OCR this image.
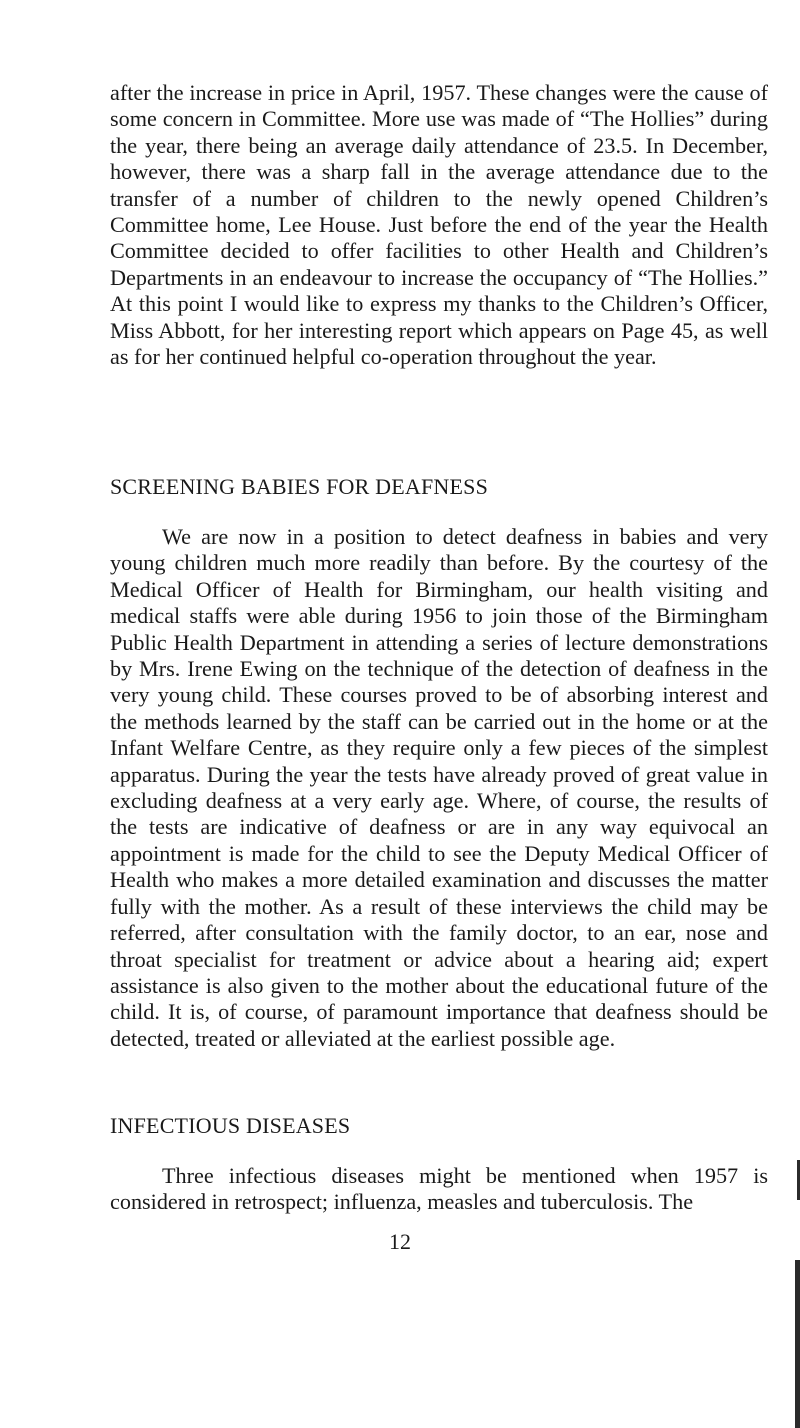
after the increase in price in April, 1957. These changes were the cause of some concern in Committee. More use was made of “The Hollies” during the year, there being an average daily attendance of 23.5. In December, however, there was a sharp fall in the average attendance due to the transfer of a number of children to the newly opened Children’s Committee home, Lee House. Just before the end of the year the Health Committee decided to offer facilities to other Health and Children’s Departments in an endeavour to increase the occupancy of “The Hollies.” At this point I would like to express my thanks to the Children’s Officer, Miss Abbott, for her interesting report which appears on Page 45, as well as for her continued helpful co-operation throughout the year.

SCREENING BABIES FOR DEAFNESS

We are now in a position to detect deafness in babies and very young children much more readily than before. By the courtesy of the Medical Officer of Health for Birmingham, our health visiting and medical staffs were able during 1956 to join those of the Birmingham Public Health Department in attending a series of lecture demonstrations by Mrs. Irene Ewing on the technique of the detection of deafness in the very young child. These courses proved to be of absorbing interest and the methods learned by the staff can be carried out in the home or at the Infant Welfare Centre, as they require only a few pieces of the simplest apparatus. During the year the tests have already proved of great value in excluding deafness at a very early age. Where, of course, the results of the tests are indicative of deafness or are in any way equivocal an appointment is made for the child to see the Deputy Medical Officer of Health who makes a more detailed examination and discusses the matter fully with the mother. As a result of these interviews the child may be referred, after consultation with the family doctor, to an ear, nose and throat specialist for treatment or advice about a hearing aid; expert assistance is also given to the mother about the educational future of the child. It is, of course, of paramount importance that deafness should be detected, treated or alleviated at the earliest possible age.

INFECTIOUS DISEASES

Three infectious diseases might be mentioned when 1957 is considered in retrospect; influenza, measles and tuberculosis. The

12
